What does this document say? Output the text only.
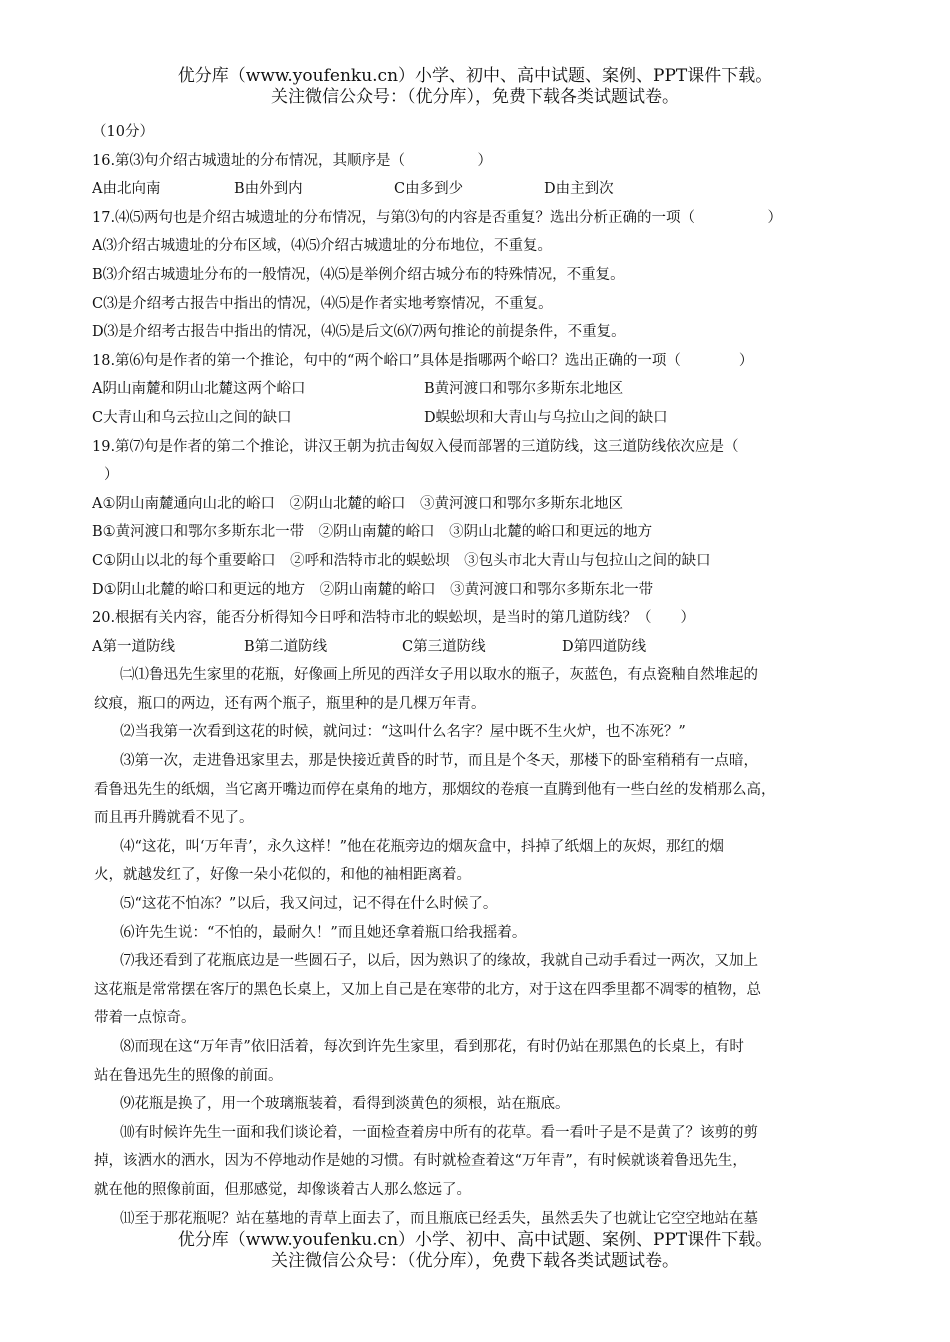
优分库（www.youfenku.cn）小学、初中、高中试题、案例、PPT课件下载。
关注微信公众号：（优分库），免费下载各类试题试卷。
（10分）
16.第⑶句介绍古城遗址的分布情况，其顺序是（　　　　　）
A由北向南	B由外到内	C由多到少	D由主到次
17.⑷⑸两句也是介绍古城遗址的分布情况，与第⑶句的内容是否重复？选出分析正确的一项（　　　　　）
A⑶介绍古城遗址的分布区域，⑷⑸介绍古城遗址的分布地位，不重复。
B⑶介绍古城遗址分布的一般情况，⑷⑸是举例介绍古城分布的特殊情况，不重复。
C⑶是介绍考古报告中指出的情况，⑷⑸是作者实地考察情况，不重复。
D⑶是介绍考古报告中指出的情况，⑷⑸是后文⑹⑺两句推论的前提条件，不重复。
18.第⑹句是作者的第一个推论，句中的“两个峪口”具体是指哪两个峪口？选出正确的一项（　　　　）
A阴山南麓和阴山北麓这两个峪口	B黄河渡口和鄂尔多斯东北地区
C大青山和乌云拉山之间的缺口	D蜈蚣坝和大青山与乌拉山之间的缺口
19.第⑺句是作者的第二个推论，讲汉王朝为抗击匈奴入侵而部署的三道防线，这三道防线依次应是（
）
A①阴山南麓通向山北的峪口　②阴山北麓的峪口　③黄河渡口和鄂尔多斯东北地区
B①黄河渡口和鄂尔多斯东北一带　②阴山南麓的峪口　③阴山北麓的峪口和更远的地方
C①阴山以北的每个重要峪口　②呼和浩特市北的蜈蚣坝　③包头市北大青山与包拉山之间的缺口
D①阴山北麓的峪口和更远的地方　②阴山南麓的峪口　③黄河渡口和鄂尔多斯东北一带
20.根据有关内容，能否分析得知今日呼和浩特市北的蜈蚣坝，是当时的第几道防线？（　　）
A第一道防线	B第二道防线	C第三道防线	D第四道防线
㈡⑴鲁迅先生家里的花瓶，好像画上所见的西洋女子用以取水的瓶子，灰蓝色，有点瓷釉自然堆起的
纹痕，瓶口的两边，还有两个瓶子，瓶里种的是几棵万年青。
⑵当我第一次看到这花的时候，就问过：“这叫什么名字？屋中既不生火炉，也不冻死？”
⑶第一次，走进鲁迅家里去，那是快接近黄昏的时节，而且是个冬天，那楼下的卧室稍稍有一点暗，
看鲁迅先生的纸烟，当它离开嘴边而停在桌角的地方，那烟纹的卷痕一直腾到他有一些白丝的发梢那么高，
而且再升腾就看不见了。
⑷“这花，叫‘万年青’，永久这样！”他在花瓶旁边的烟灰盒中，抖掉了纸烟上的灰烬，那红的烟
火，就越发红了，好像一朵小花似的，和他的袖相距离着。
⑸“这花不怕冻？”以后，我又问过，记不得在什么时候了。
⑹许先生说：“不怕的，最耐久！”而且她还拿着瓶口给我摇着。
⑺我还看到了花瓶底边是一些圆石子，以后，因为熟识了的缘故，我就自己动手看过一两次，又加上
这花瓶是常常摆在客厅的黑色长桌上，又加上自己是在寒带的北方，对于这在四季里都不凋零的植物，总
带着一点惊奇。
⑻而现在这“万年青”依旧活着，每次到许先生家里，看到那花，有时仍站在那黑色的长桌上，有时
站在鲁迅先生的照像的前面。
⑼花瓶是换了，用一个玻璃瓶装着，看得到淡黄色的须根，站在瓶底。
⑽有时候许先生一面和我们谈论着，一面检查着房中所有的花草。看一看叶子是不是黄了？该剪的剪
掉，该洒水的洒水，因为不停地动作是她的习惯。有时就检查着这“万年青”，有时候就谈着鲁迅先生，
就在他的照像前面，但那感觉，却像谈着古人那么悠远了。
⑾至于那花瓶呢？站在墓地的青草上面去了，而且瓶底已经丢失，虽然丢失了也就让它空空地站在墓
优分库（www.youfenku.cn）小学、初中、高中试题、案例、PPT课件下载。
关注微信公众号：（优分库），免费下载各类试题试卷。
